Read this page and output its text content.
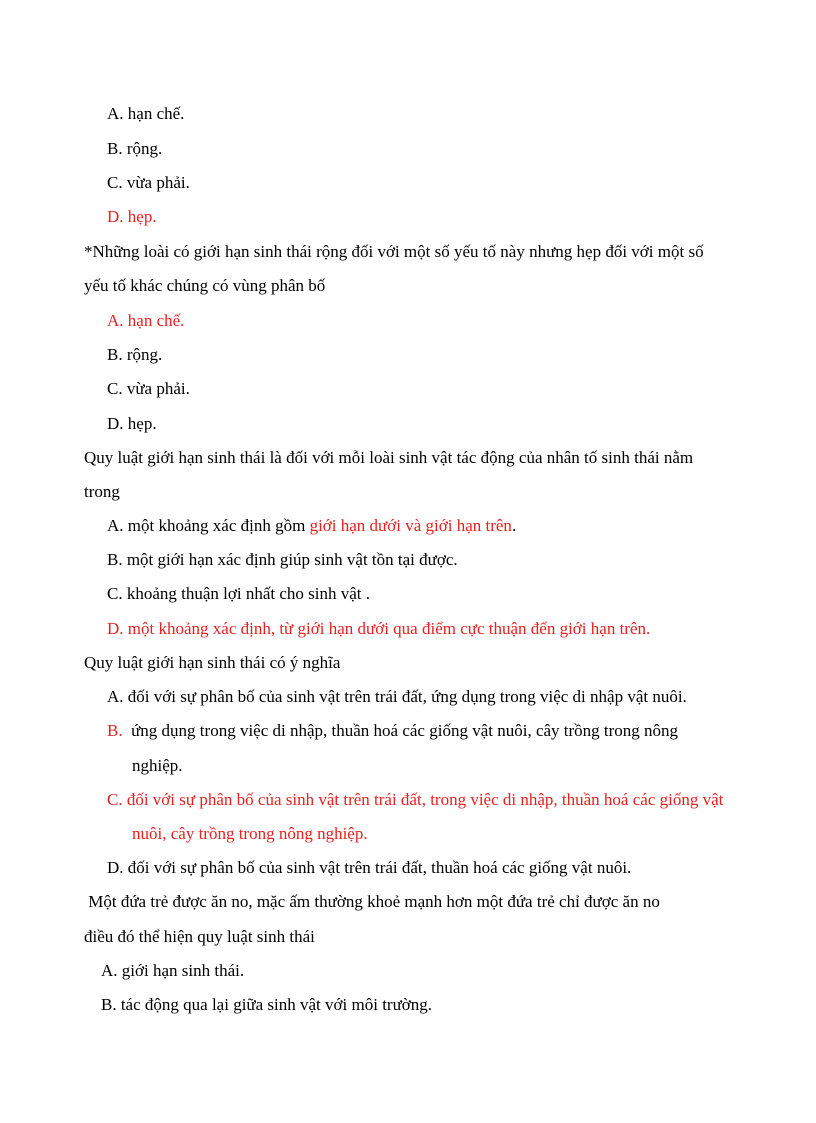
A. hạn chế.
B. rộng.
C. vừa phải.
D. hẹp.
*Những loài có giới hạn sinh thái rộng đối với một số yếu tố này nhưng hẹp đối với một số
yếu tố khác chúng có vùng phân bố
A. hạn chế.
B. rộng.
C. vừa phải.
D. hẹp.
Quy luật giới hạn sinh thái là đối với mỗi loài sinh vật tác động của nhân tố sinh thái nằm
trong
A. một khoảng xác định gồm giới hạn dưới và giới hạn trên.
B. một giới hạn xác định giúp sinh vật tồn tại được.
C. khoảng thuận lợi nhất cho sinh vật .
D. một khoảng xác định, từ giới hạn dưới qua điểm cực thuận đến giới hạn trên.
Quy luật giới hạn sinh thái có ý nghĩa
A. đối với sự phân bố của sinh vật trên trái đất, ứng dụng trong việc di nhập vật nuôi.
B. ứng dụng trong việc di nhập, thuần hoá các giống vật nuôi, cây trồng trong nông
nghiệp.
C. đối với sự phân bố của sinh vật trên trái đất, trong việc di nhập, thuần hoá các giống vật
nuôi, cây trồng trong nông nghiệp.
D. đối với sự phân bố của sinh vật trên trái đất, thuần hoá các giống vật nuôi.
Một đứa trẻ được ăn no, mặc ấm thường khoẻ mạnh hơn một đứa trẻ chỉ được ăn no
điều đó thể hiện quy luật sinh thái
A. giới hạn sinh thái.
B. tác động qua lại giữa sinh vật với môi trường.
